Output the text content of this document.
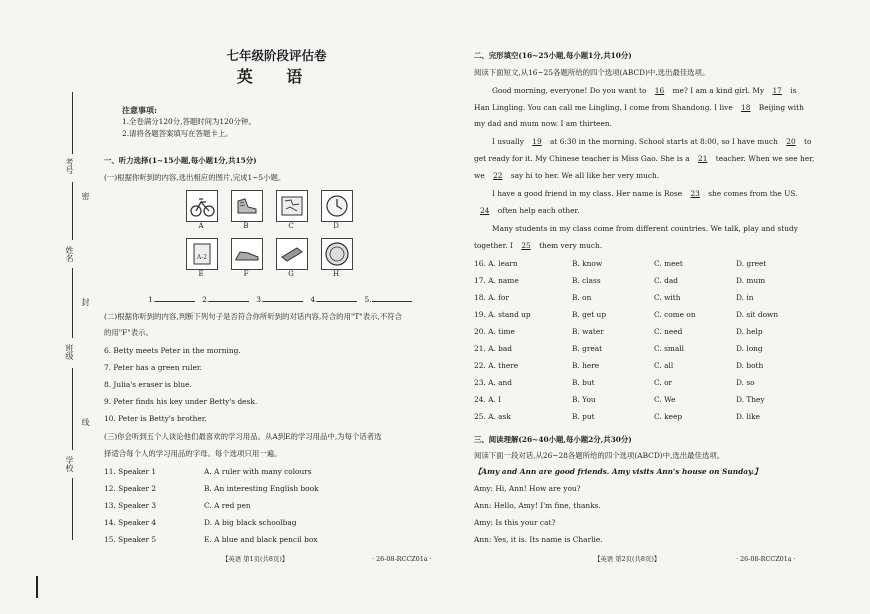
考号
密
姓名
封
班级
线
学校
七年级阶段评估卷
英 语
注意事项:
1.全卷满分120分,答题时间为120分钟。
2.请将各题答案填写在答题卡上。
一、听力选择(1~15小题,每小题1分,共15分)
(一)根据你听到的内容,选出相应的图片,完成1~5小题。
A	B	C	D
A-2
E	F	G	H
1.	2.	3.	4.	5.
(二)根据你听到的内容,判断下列句子是否符合你所听到的对话内容,符合的用"T"表示,不符合
的用"F"表示。
6. Betty meets Peter in the morning.
7. Peter has a green ruler.
8. Julia's eraser is blue.
9. Peter finds his key under Betty's desk.
10. Peter is Betty's brother.
(三)你会听到五个人谈论他们最喜欢的学习用品。从A到E的学习用品中,为每个话者选
择适合每个人的学习用品的字母。每个选项只用一遍。
11. Speaker 1	A. A ruler with many colours
12. Speaker 2	B. An interesting English book
13. Speaker 3	C. A red pen
14. Speaker 4	D. A big black schoolbag
15. Speaker 5	E. A blue and black pencil box
【英语 第1页(共8页)】	· 26-08-RCCZ01a ·
二、完形填空(16~25小题,每小题1分,共10分)
阅读下面短文,从16~25各题所给的四个选项(ABCD)中,选出最佳选项。
Good morning, everyone! Do you want to 16 me? I am a kind girl. My 17 is
Han Lingling. You can call me Lingling. I come from Shandong. I live 18 Beijing with
my dad and mum now. I am thirteen.
I usually 19 at 6:30 in the morning. School starts at 8:00, so I have much 20 to
get ready for it. My Chinese teacher is Miss Gao. She is a 21 teacher. When we see her,
we 22 say hi to her. We all like her very much.
I have a good friend in my class. Her name is Rose 23 she comes from the US.
24 often help each other.
Many students in my class come from different countries. We talk, play and study
together. I 25 them very much.
16. A. learn	B. know	C. meet	D. greet
17. A. name	B. class	C. dad	D. mum
18. A. for	B. on	C. with	D. in
19. A. stand up	B. get up	C. come on	D. sit down
20. A. time	B. water	C. need	D. help
21. A. bad	B. great	C. small	D. long
22. A. there	B. here	C. all	D. both
23. A. and	B. but	C. or	D. so
24. A. I	B. You	C. We	D. They
25. A. ask	B. put	C. keep	D. like
三、阅读理解(26~40小题,每小题2分,共30分)
阅读下面一段对话,从26~28各题所给的四个选项(ABCD)中,选出最佳选项。
【Amy and Ann are good friends. Amy visits Ann's house on Sunday.】
Amy: Hi, Ann! How are you?
Ann: Hello, Amy! I'm fine, thanks.
Amy: Is this your cat?
Ann: Yes, it is. Its name is Charlie.
【英语 第2页(共8页)】	· 26-08-RCCZ01a ·
